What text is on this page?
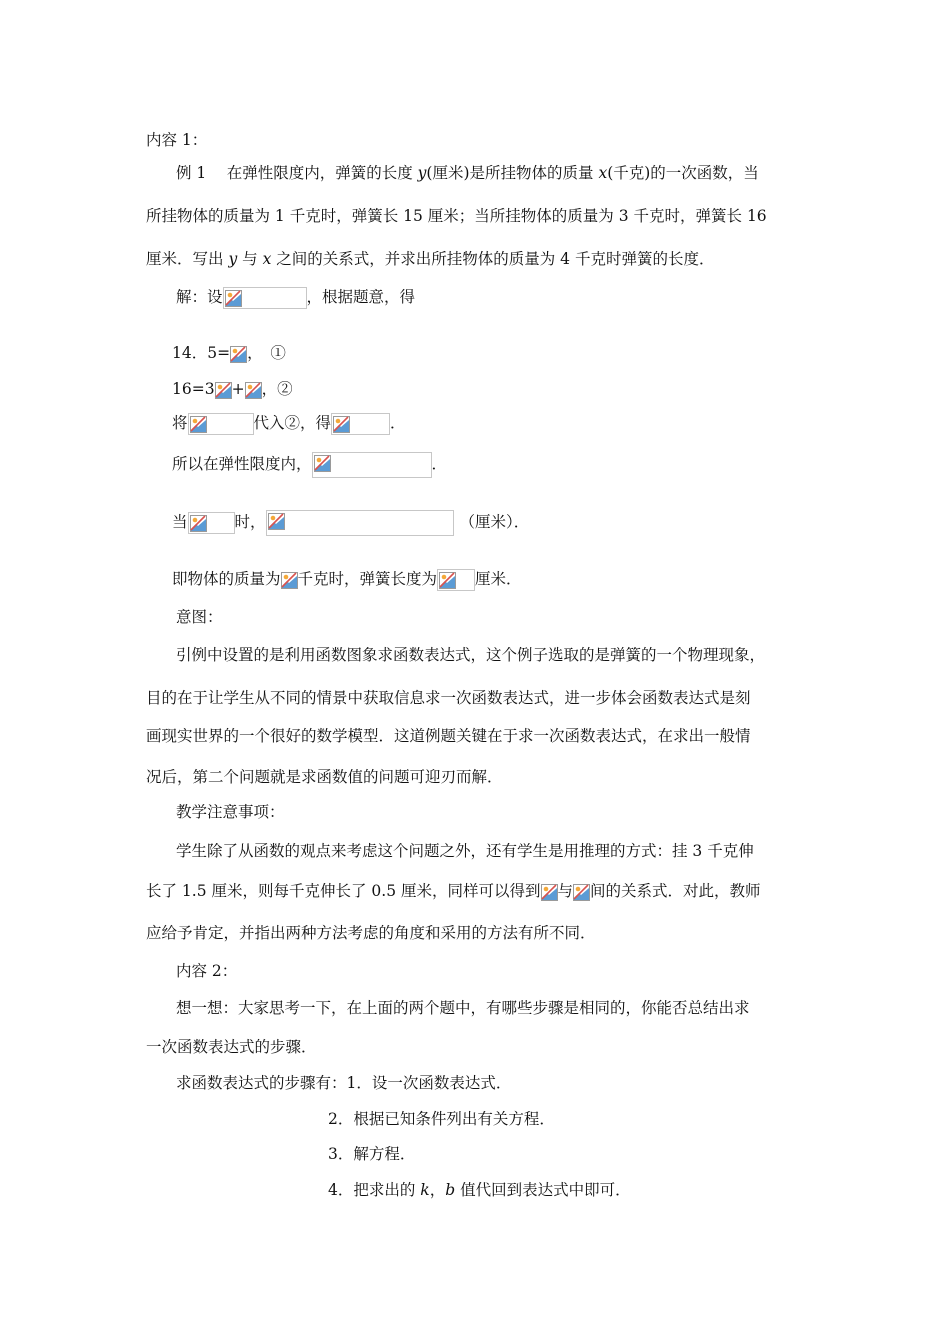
内容 1：
例 1　 在弹性限度内，弹簧的长度 y(厘米)是所挂物体的质量 x(千克)的一次函数，当
所挂物体的质量为 1 千克时，弹簧长 15 厘米；当所挂物体的质量为 3 千克时，弹簧长 16
厘米．写出 y 与 x 之间的关系式，并求出所挂物体的质量为 4 千克时弹簧的长度．
解：设	，根据题意，得
14．5= ，　①
16=3 + ，②
将	代入②，得	．
所以在弹性限度内，	．
当	时，	（厘米）．
即物体的质量为 千克时，弹簧长度为 厘米．
意图：
引例中设置的是利用函数图象求函数表达式，这个例子选取的是弹簧的一个物理现象，
目的在于让学生从不同的情景中获取信息求一次函数表达式，进一步体会函数表达式是刻
画现实世界的一个很好的数学模型．这道例题关键在于求一次函数表达式，在求出一般情
况后，第二个问题就是求函数值的问题可迎刃而解．
教学注意事项：
学生除了从函数的观点来考虑这个问题之外，还有学生是用推理的方式：挂 3 千克伸
长了 1.5 厘米，则每千克伸长了 0.5 厘米，同样可以得到 与 间的关系式．对此，教师
应给予肯定，并指出两种方法考虑的角度和采用的方法有所不同．
内容 2：
想一想：大家思考一下，在上面的两个题中，有哪些步骤是相同的，你能否总结出求
一次函数表达式的步骤．
求函数表达式的步骤有：1．设一次函数表达式．
2．根据已知条件列出有关方程．
3．解方程．
4．把求出的 k，b 值代回到表达式中即可．
